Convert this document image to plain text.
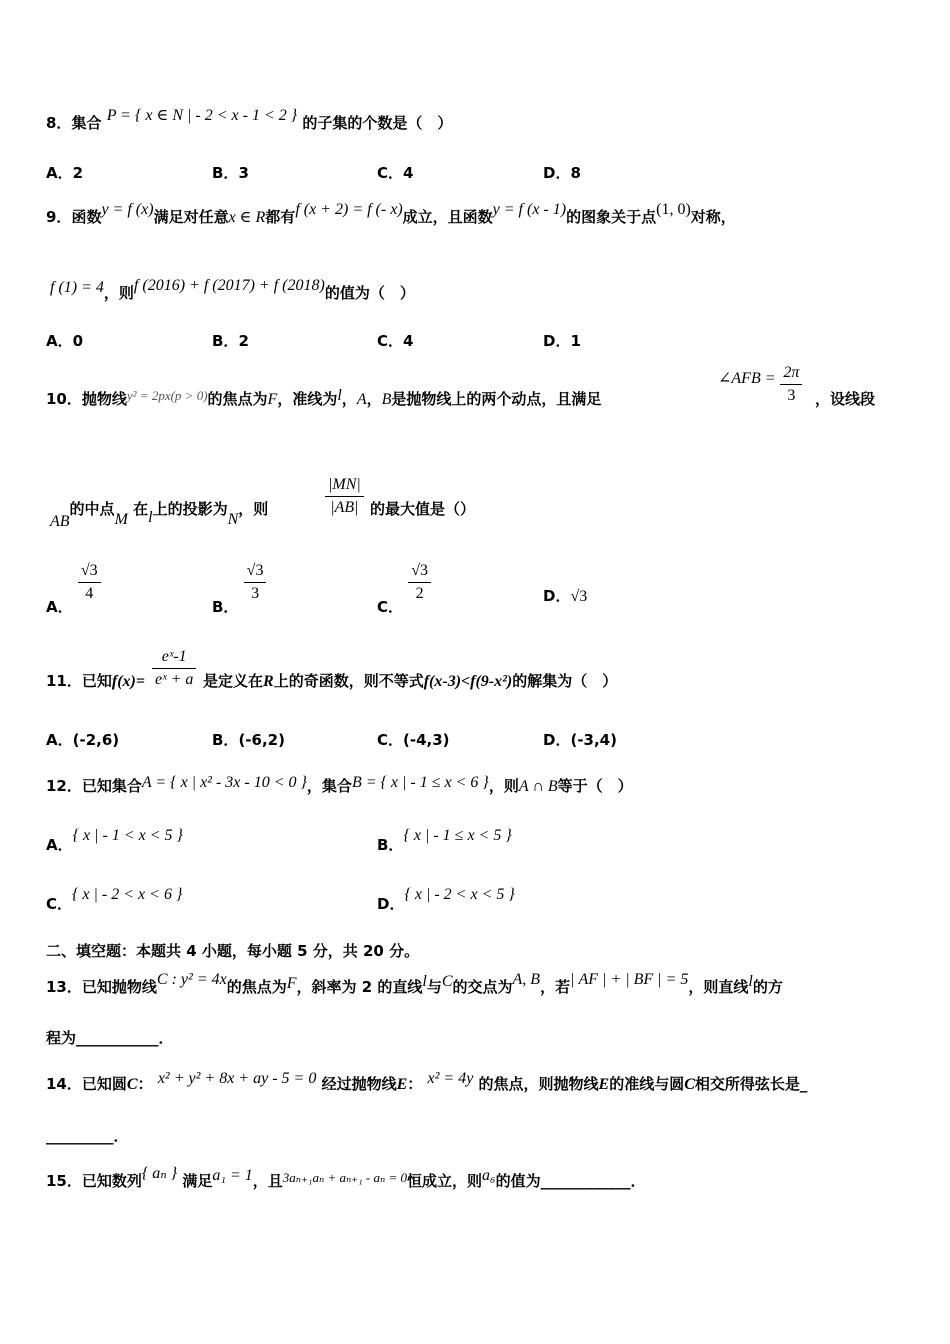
8．集合 P = { x ∈ N | - 2 < x - 1 < 2 } 的子集的个数是（　）
A．2	B．3	C．4	D．8
9．函数y = f (x)满足对任意x ∈ R都有f (x + 2) = f (- x)成立，且函数y = f (x - 1)的图象关于点(1, 0)对称，
f (1) = 4，则f (2016) + f (2017) + f (2018)的值为（　）
A．0	B．2	C．4	D．1
10．抛物线y² = 2px(p > 0)的焦点为F，准线为l，A，B是抛物线上的两个动点，且满足
∠AFB = $\frac{2\pi}{3}$ ，设线段
AB的中点M 在l上的投影为N，则	$\frac{|MN|}{|AB|}$ 的最大值是（）
A．
$\frac{√3}{4}$
B．
$\frac{√3}{3}$
C．
$\frac{√3}{2}$	D．√3
11．已知$f(x)= \frac{\text{eˣ-1}}{\text{eˣ + a}}$ 是定义在R上的奇函数，则不等式f(x-3)<f(9-x²)的解集为（　）
A．(-2,6)	B．(-6,2)	C．(-4,3)	D．(-3,4)
12．已知集合A = { x | x² - 3x - 10 < 0 }，集合B = { x | - 1 ≤ x < 6 }，则A ∩ B等于（　）
A．{ x | - 1 < x < 5 }
B．{ x | - 1 ≤ x < 5 }
C．{ x | - 2 < x < 6 }
D．{ x | - 2 < x < 5 }
二、填空题：本题共 4 小题，每小题 5 分，共 20 分。
13．已知抛物线C : y² = 4x的焦点为F，斜率为 2 的直线l与C的交点为A, B，若| AF | + | BF | = 5，则直线l的方
程为___________．
14．已知圆C： x² + y² + 8x + ay - 5 = 0 经过抛物线E： x² = 4y 的焦点，则抛物线E的准线与圆C相交所得弦长是_
_________．
15．已知数列{ aₙ } 满足a₁ = 1，且3aₙ₊₁aₙ + aₙ₊₁ - aₙ = 0恒成立，则a₆的值为____________．
